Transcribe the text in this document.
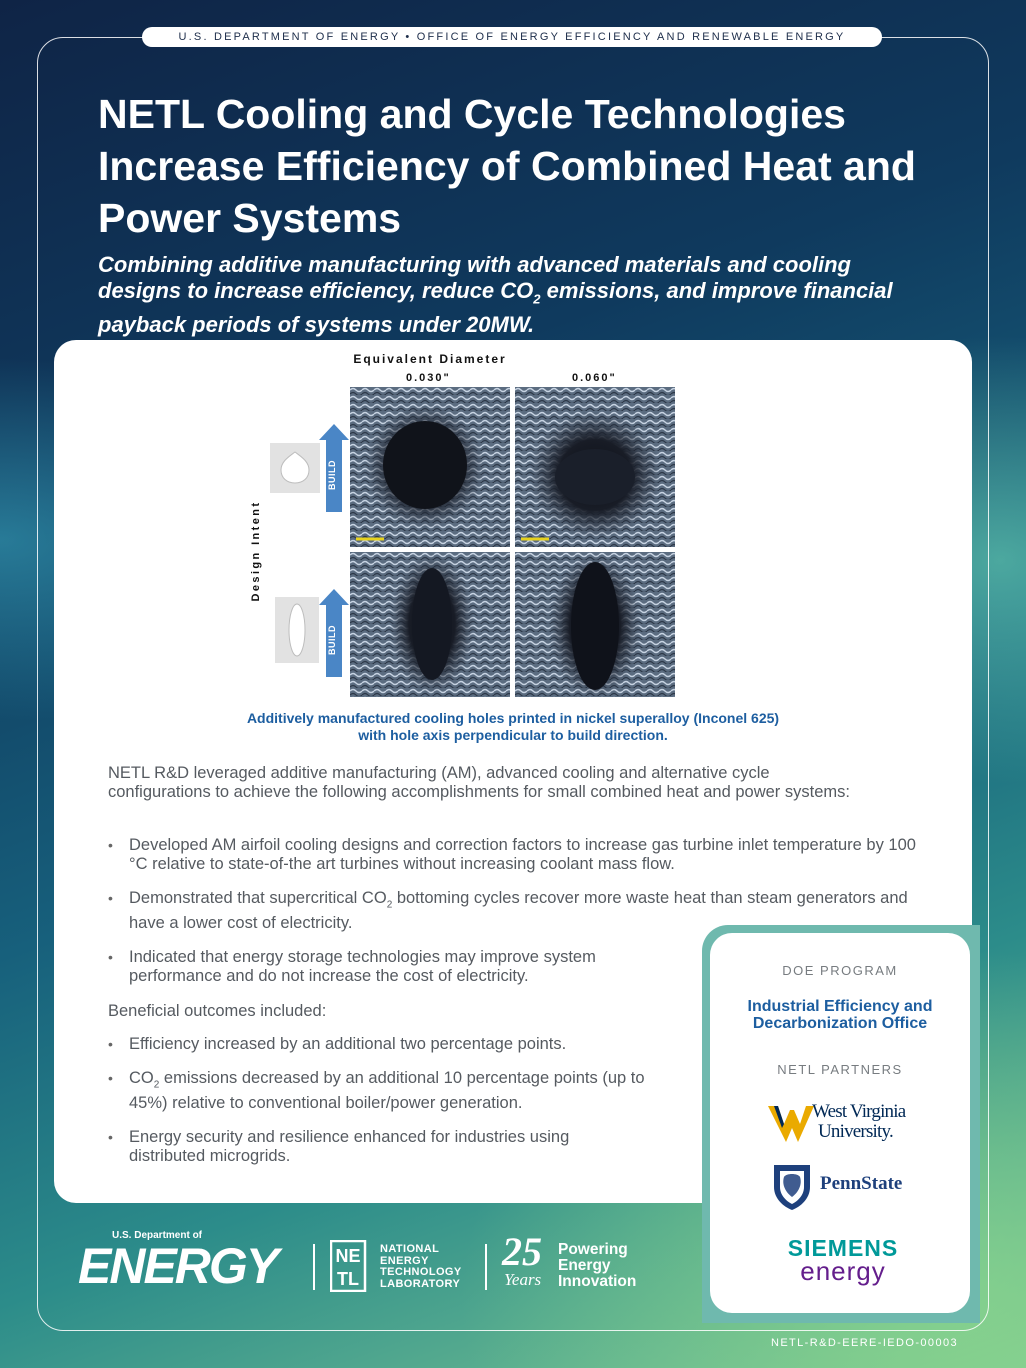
U.S. DEPARTMENT OF ENERGY • OFFICE OF ENERGY EFFICIENCY AND RENEWABLE ENERGY
NETL Cooling and Cycle Technologies Increase Efficiency of Combined Heat and Power Systems

Combining additive manufacturing with advanced materials and cooling designs to increase efficiency, reduce $CO_2$ emissions, and improve financial payback periods of systems under 20MW.

Equivalent Diameter
0.030"	0.060"
Design Intent
BUILD
BUILD
Additively manufactured cooling holes printed in nickel superalloy (Inconel 625)
with hole axis perpendicular to build direction.

NETL R&D leveraged additive manufacturing (AM), advanced cooling and alternative cycle configurations to achieve the following accomplishments for small combined heat and power systems:

• Developed AM airfoil cooling designs and correction factors to increase gas turbine inlet temperature by 100 °C relative to state-of-the art turbines without increasing coolant mass flow.
• Demonstrated that supercritical $CO_2$ bottoming cycles recover more waste heat than steam generators and have a lower cost of electricity.
• Indicated that energy storage technologies may improve system performance and do not increase the cost of electricity.

Beneficial outcomes included:

• Efficiency increased by an additional two percentage points.
• $CO_2$ emissions decreased by an additional 10 percentage points (up to 45%) relative to conventional boiler/power generation.
• Energy security and resilience enhanced for industries using distributed microgrids.
DOE PROGRAM
Industrial Efficiency and Decarbonization Office
NETL PARTNERS
West Virginia
University.
PennState
SIEMENS
energy
U.S. Department of
ENERGY	NE
TL
NATIONAL
ENERGY
TECHNOLOGY
LABORATORY
25
Years
Powering
Energy
Innovation
NETL-R&D-EERE-IEDO-00003
